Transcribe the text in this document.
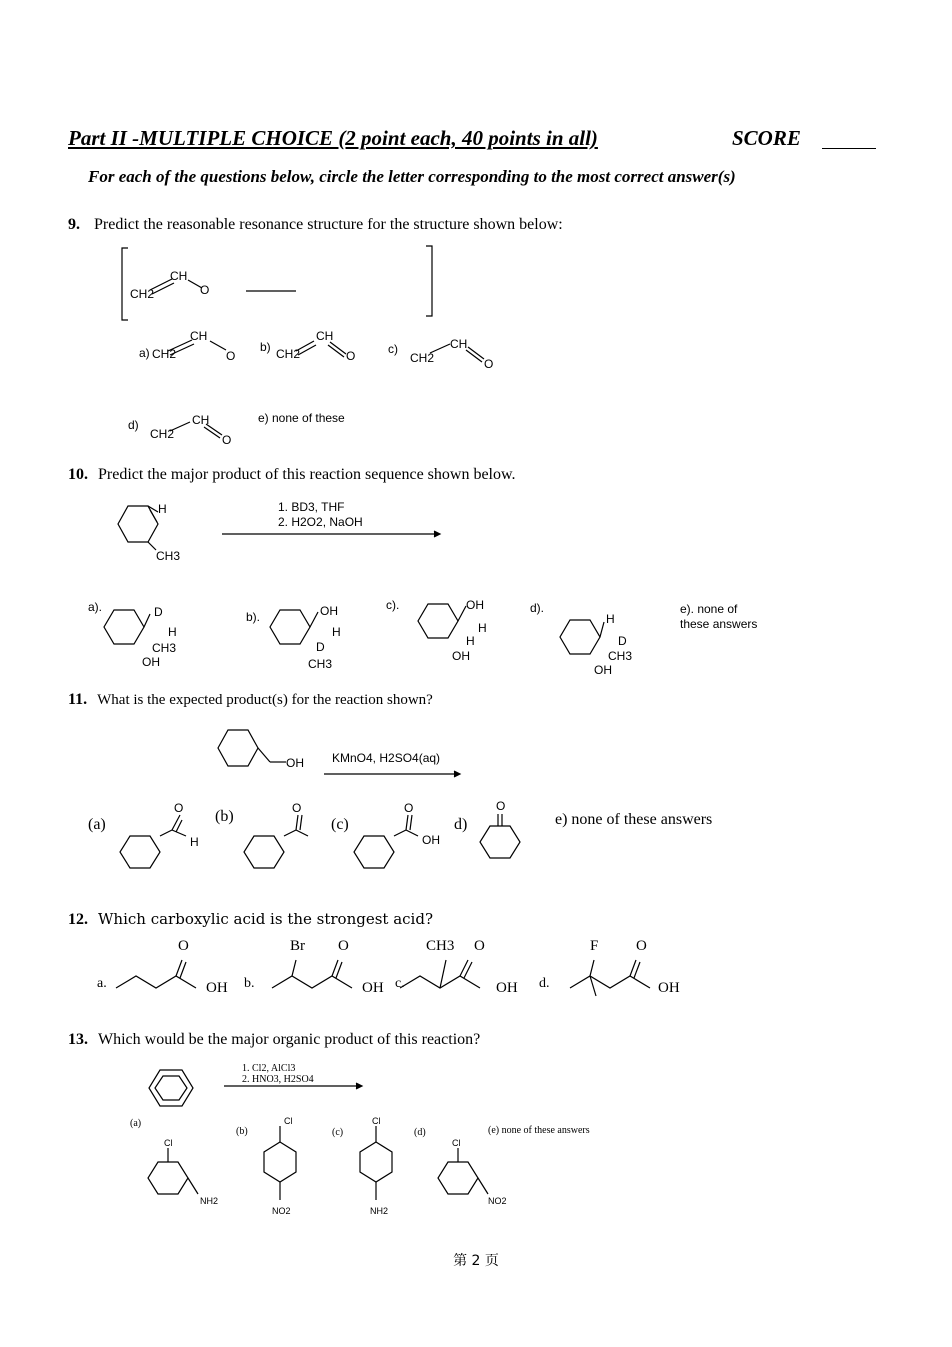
Part II -MULTIPLE CHOICE (2 point each, 40 points in all)	SCORE
For each of the questions below, circle the letter corresponding to the most correct answer(s)
9. Predict the reasonable resonance structure for the structure shown below:
CH2
CH
O
CH2
CH
O	CH2
CH
O	CH2
CH
O
CH2
CH
O
H
CH3
D
H
CH3
OH
OH
H
D
CH3
OH
H
H
OH
H
D
CH3
OH
OH
O
H
O	O
OH
O
O
OH
Br O
OH
CH3 O
OH
F	O
OH
Cl
NH2
Cl
NO2
Cl
NH2
Cl
NO2
a)	b)	c)
d)	e) none of these
10. Predict the major product of this reaction sequence shown below.
1. BD3, THF
2. H2O2, NaOH
a).
b).
c).	d).	e). none of
these answers
11. What is the expected product(s) for the reaction shown?
KMnO4, H2SO4(aq)
(a)	(b)	(c)	d)	e) none of these answers
12. Which carboxylic acid is the strongest acid?
a.	b.	c.	d.
13. Which would be the major organic product of this reaction?
1. Cl2, AlCl3
2. HNO3, H2SO4
(a)
(b)	(c)	(d)	(e) none of these answers
第 2 页
